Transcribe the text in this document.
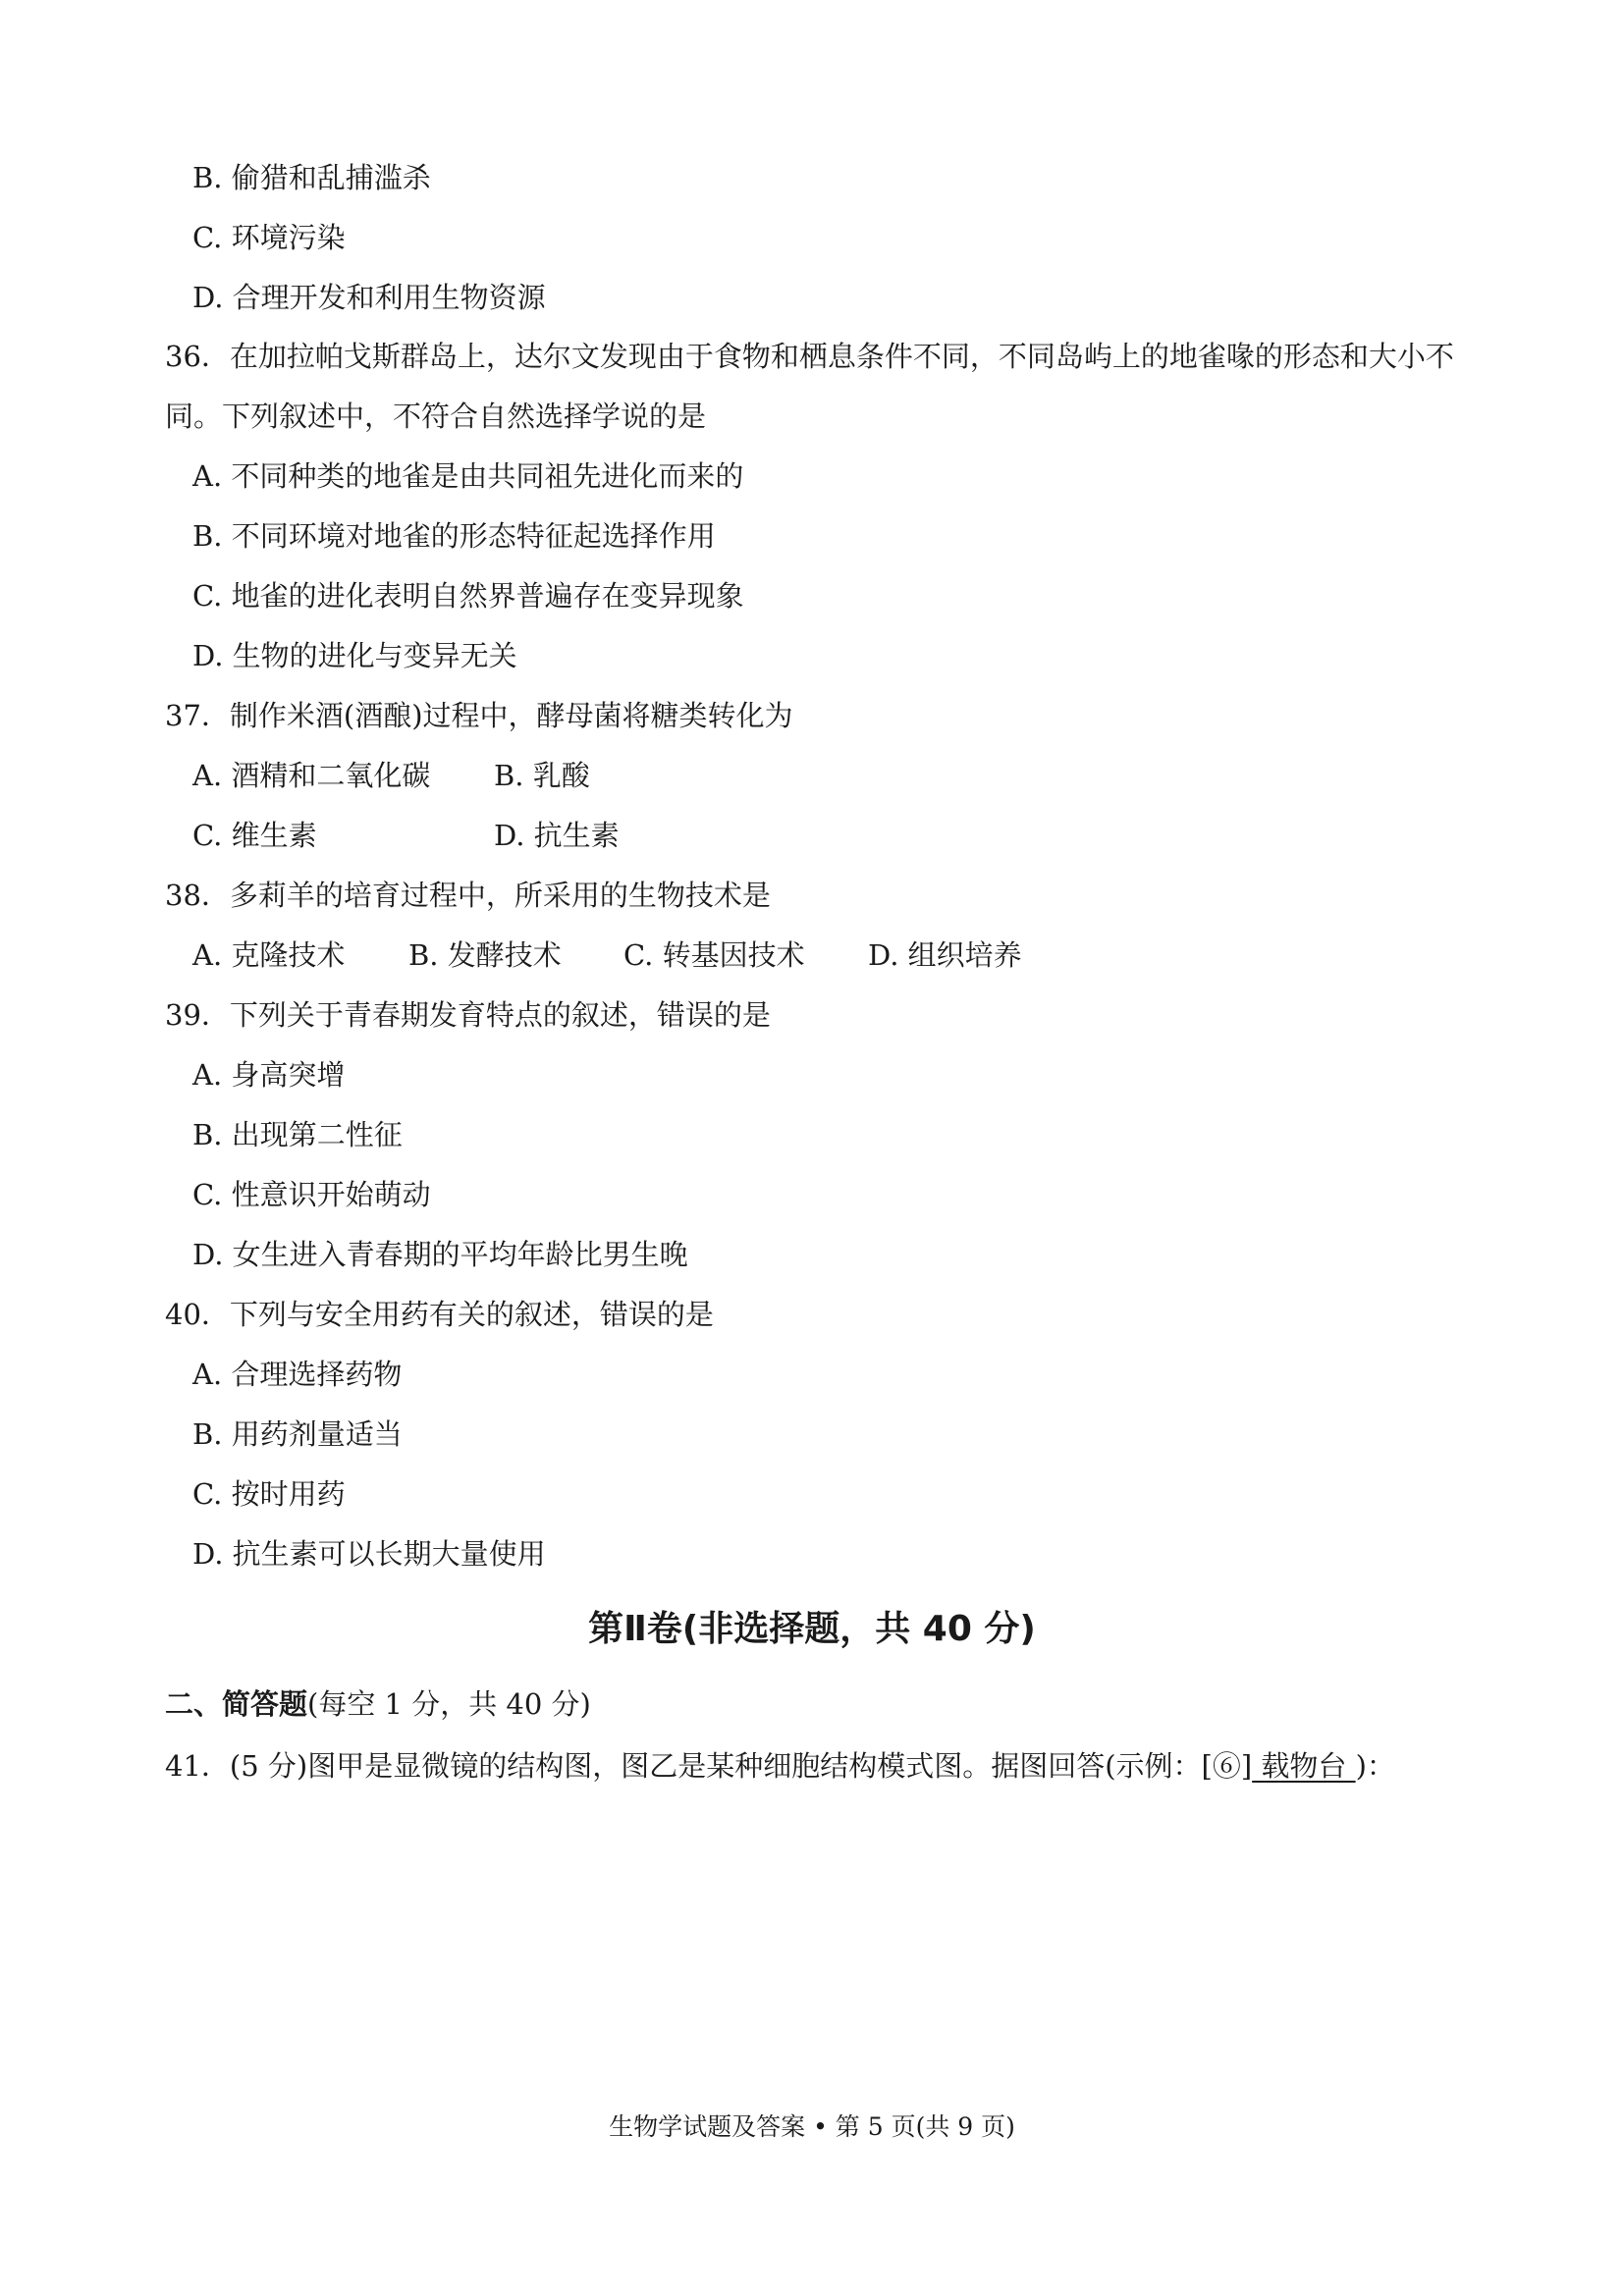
B. 偷猎和乱捕滥杀
C. 环境污染
D. 合理开发和利用生物资源
36．在加拉帕戈斯群岛上，达尔文发现由于食物和栖息条件不同，不同岛屿上的地雀喙的形态和大小不
同。下列叙述中，不符合自然选择学说的是
A. 不同种类的地雀是由共同祖先进化而来的
B. 不同环境对地雀的形态特征起选择作用
C. 地雀的进化表明自然界普遍存在变异现象
D. 生物的进化与变异无关
37．制作米酒(酒酿)过程中，酵母菌将糖类转化为
A. 酒精和二氧化碳 B. 乳酸
C. 维生素	D. 抗生素
38．多莉羊的培育过程中，所采用的生物技术是
A. 克隆技术 B. 发酵技术 C. 转基因技术 D. 组织培养
39．下列关于青春期发育特点的叙述，错误的是
A. 身高突增
B. 出现第二性征
C. 性意识开始萌动
D. 女生进入青春期的平均年龄比男生晚
40．下列与安全用药有关的叙述，错误的是
A. 合理选择药物
B. 用药剂量适当
C. 按时用药
D. 抗生素可以长期大量使用
第Ⅱ卷(非选择题，共 40 分)
二、简答题(每空 1 分，共 40 分)
41．(5 分)图甲是显微镜的结构图，图乙是某种细胞结构模式图。据图回答(示例：[⑥] 载物台 )：
生物学试题及答案 • 第 5 页(共 9 页)
